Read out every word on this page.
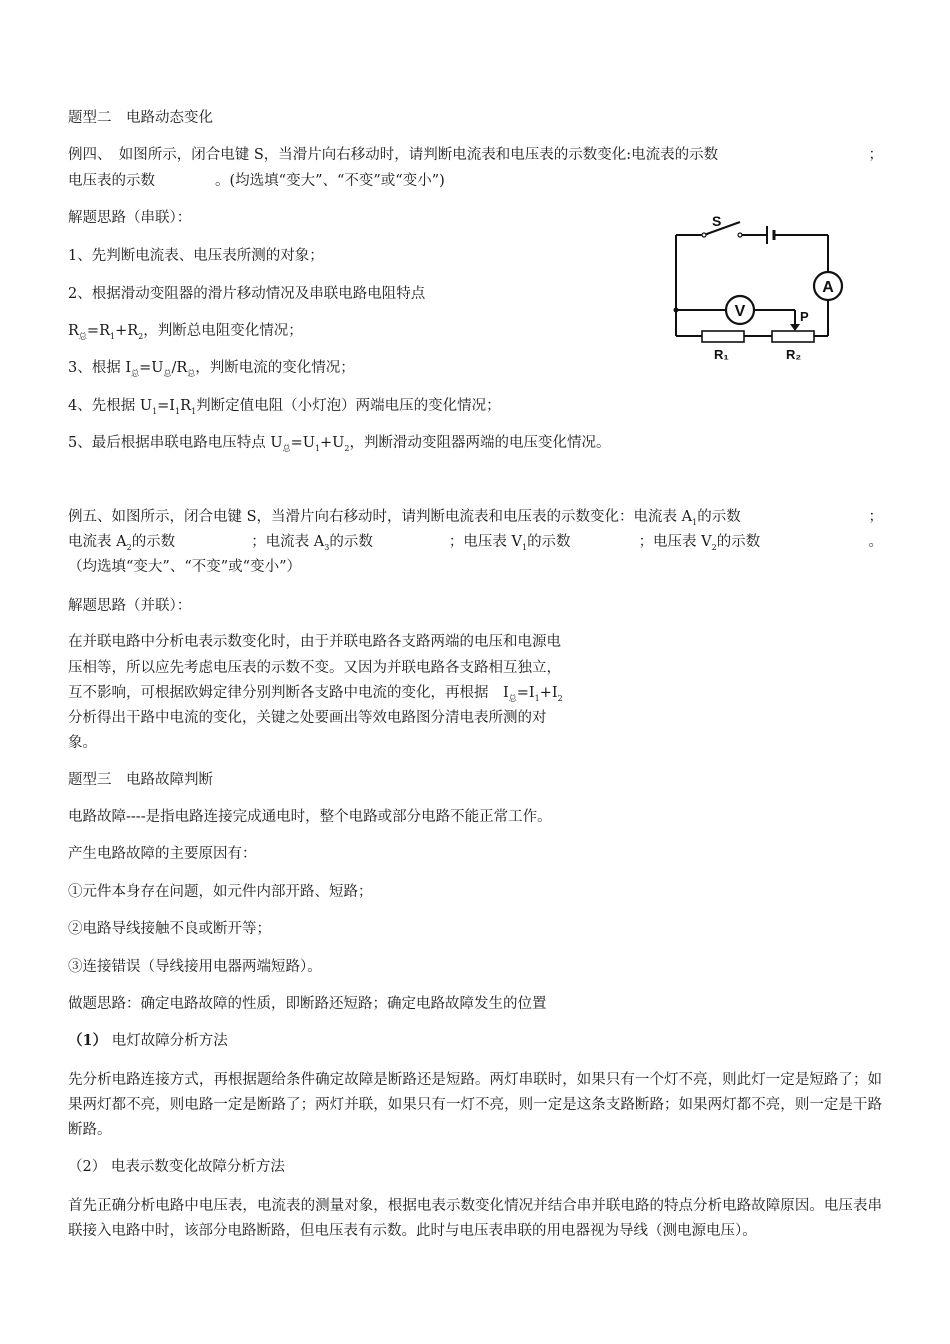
题型二　电路动态变化
例四、　如图所示，闭合电键 S，当滑片向右移动时，请判断电流表和电压表的示数变化:电流表的示数	；
电压表的示数	。(均选填“变大”、“不变”或“变小”)
解题思路（串联）：
1、先判断电流表、电压表所测的对象；
2、根据滑动变阻器的滑片移动情况及串联电路电阻特点
$R_总=R_1+R_2$，判断总电阻变化情况；
3、根据 $I_总=U_总/R_总$，判断电流的变化情况；
4、先根据 $U_1=I_1R_1$判断定值电阻（小灯泡）两端电压的变化情况；
5、最后根据串联电路电压特点 $U_总=U_1+U_2$，判断滑动变阻器两端的电压变化情况。
S
A
V	P
R₁	R₂
例五、如图所示，闭合电键 S，当滑片向右移动时，请判断电流表和电压表的示数变化：电流表 $A_1$的示数	；
电流表 $A_2$的示数	；电流表 $A_3$的示数	；电压表 $V_1$的示数	；电压表 $V_2$的示数	。
（均选填“变大”、“不变”或“变小”）
解题思路（并联）：
在并联电路中分析电表示数变化时，由于并联电路各支路两端的电压和电源电
压相等，所以应先考虑电压表的示数不变。又因为并联电路各支路相互独立，
互不影响，可根据欧姆定律分别判断各支路中电流的变化，再根据　$I_总=I_1+I_2$
分析得出干路中电流的变化，关键之处要画出等效电路图分清电表所测的对
象。
题型三　电路故障判断
电路故障----是指电路连接完成通电时，整个电路或部分电路不能正常工作。
产生电路故障的主要原因有：
①元件本身存在问题，如元件内部开路、短路；
②电路导线接触不良或断开等；
③连接错误（导线接用电器两端短路）。
做题思路：确定电路故障的性质，即断路还短路；确定电路故障发生的位置
（1） 电灯故障分析方法
先分析电路连接方式，再根据题给条件确定故障是断路还是短路。两灯串联时，如果只有一个灯不亮，则此灯一定是短路了；如果两灯都不亮，则电路一定是断路了；两灯并联，如果只有一灯不亮，则一定是这条支路断路；如果两灯都不亮，则一定是干路断路。
（2） 电表示数变化故障分析方法
首先正确分析电路中电压表，电流表的测量对象，根据电表示数变化情况并结合串并联电路的特点分析电路故障原因。电压表串联接入电路中时，该部分电路断路，但电压表有示数。此时与电压表串联的用电器视为导线（测电源电压）。
